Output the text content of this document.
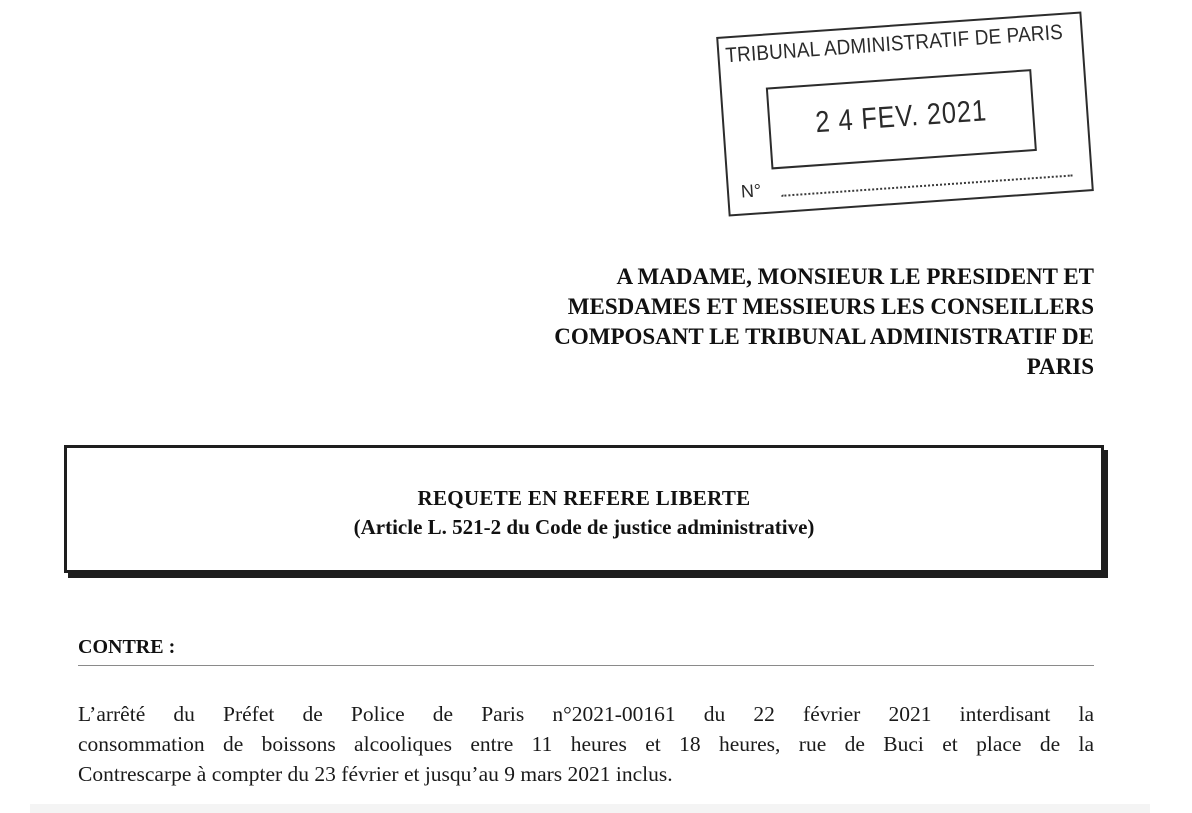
TRIBUNAL ADMINISTRATIF DE PARIS
2 4 FEV. 2021
N°
A MADAME, MONSIEUR LE PRESIDENT ET
MESDAMES ET MESSIEURS LES CONSEILLERS
COMPOSANT LE TRIBUNAL ADMINISTRATIF DE
PARIS
REQUETE EN REFERE LIBERTE
(Article L. 521-2 du Code de justice administrative)
CONTRE :
L’arrêté du Préfet de Police de Paris n°2021-00161 du 22 février 2021 interdisant la
consommation de boissons alcooliques entre 11 heures et 18 heures, rue de Buci et place de la
Contrescarpe à compter du 23 février et jusqu’au 9 mars 2021 inclus.
